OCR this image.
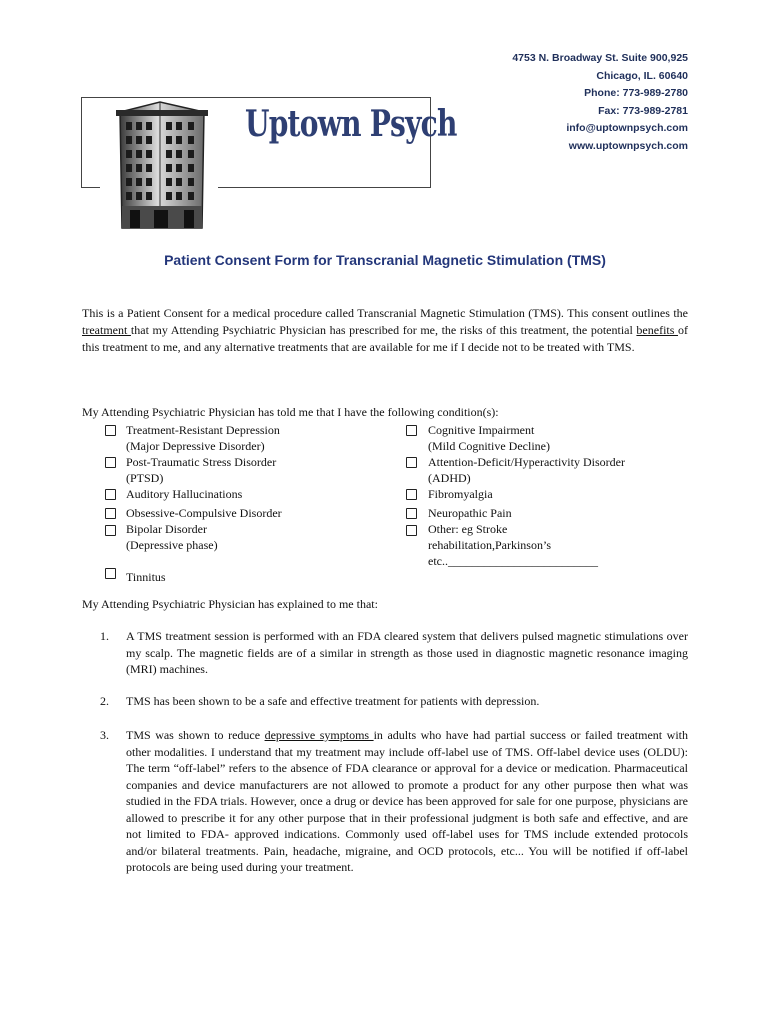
4753 N. Broadway St. Suite 900,925
Chicago, IL. 60640
Phone: 773-989-2780
Fax: 773-989-2781
info@uptownpsych.com
www.uptownpsych.com
Uptown Psych
Patient Consent Form for Transcranial Magnetic Stimulation (TMS)
This is a Patient Consent for a medical procedure called Transcranial Magnetic Stimulation (TMS). This consent outlines the treatment that my Attending Psychiatric Physician has prescribed for me, the risks of this treatment, the potential benefits of this treatment to me, and any alternative treatments that are available for me if I decide not to be treated with TMS.
My Attending Psychiatric Physician has told me that I have the following condition(s):
Treatment-Resistant Depression
(Major Depressive Disorder)
Post-Traumatic Stress Disorder
(PTSD)
Auditory Hallucinations
Obsessive-Compulsive Disorder
Bipolar Disorder
(Depressive phase)
Tinnitus
Cognitive Impairment
(Mild Cognitive Decline)
Attention-Deficit/Hyperactivity Disorder
(ADHD)
Fibromyalgia
Neuropathic Pain
Other: eg Stroke
rehabilitation,Parkinson’s
etc.._________________________
My Attending Psychiatric Physician has explained to me that:
1. A TMS treatment session is performed with an FDA cleared system that delivers pulsed magnetic stimulations over my scalp. The magnetic fields are of a similar in strength as those used in diagnostic magnetic resonance imaging (MRI) machines.
2. TMS has been shown to be a safe and effective treatment for patients with depression.
3. TMS was shown to reduce depressive symptoms in adults who have had partial success or failed treatment with other modalities. I understand that my treatment may include off-label use of TMS. Off-label device uses (OLDU): The term “off-label” refers to the absence of FDA clearance or approval for a device or medication. Pharmaceutical companies and device manufacturers are not allowed to promote a product for any other purpose then what was studied in the FDA trials. However, once a drug or device has been approved for sale for one purpose, physicians are allowed to prescribe it for any other purpose that in their professional judgment is both safe and effective, and are not limited to FDA- approved indications. Commonly used off-label uses for TMS include extended protocols and/or bilateral treatments. Pain, headache, migraine, and OCD protocols, etc... You will be notified if off-label protocols are being used during your treatment.
